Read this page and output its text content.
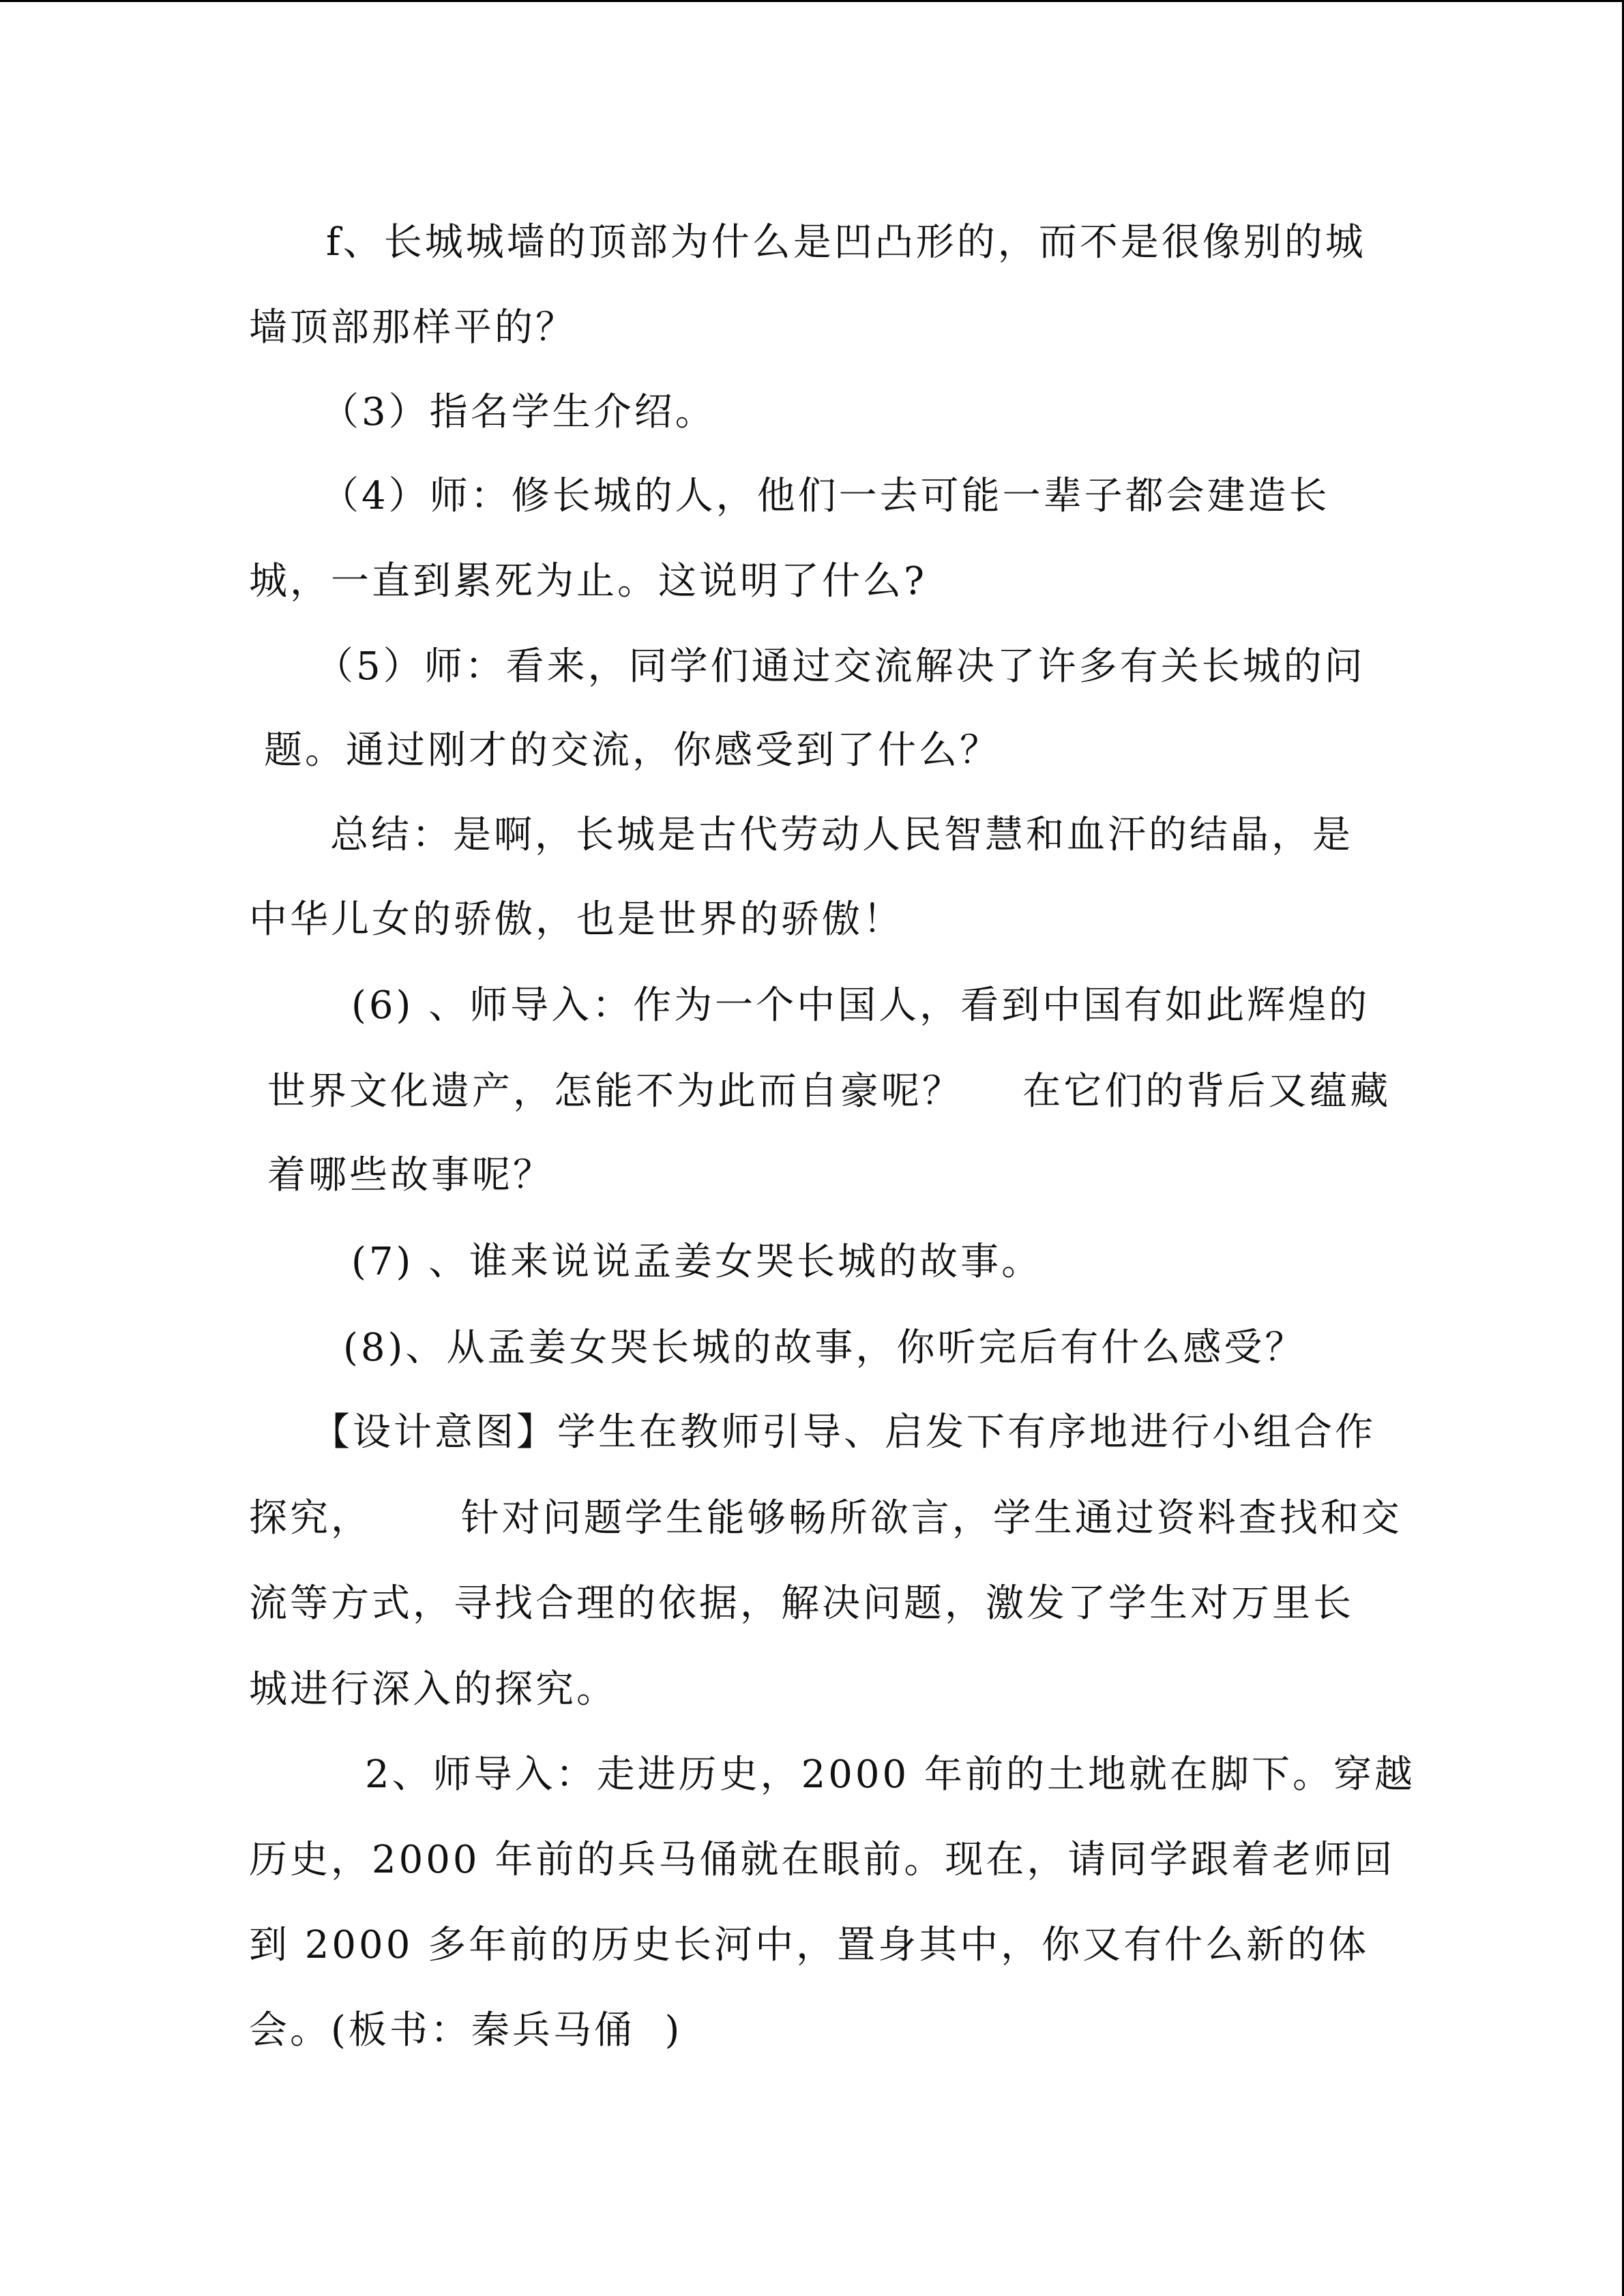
f、长城城墙的顶部为什么是凹凸形的，而不是很像别的城

墙顶部那样平的？

（3）指名学生介绍。

（4）师：修长城的人，他们一去可能一辈子都会建造长

城，一直到累死为止。这说明了什么?

（5）师：看来，同学们通过交流解决了许多有关长城的问

题。通过刚才的交流，你感受到了什么？

总结：是啊，长城是古代劳动人民智慧和血汗的结晶，是

中华儿女的骄傲，也是世界的骄傲！

(6) 、师导入：作为一个中国人，看到中国有如此辉煌的

世界文化遗产，怎能不为此而自豪呢？    在它们的背后又蕴藏

着哪些故事呢？

(7) 、谁来说说孟姜女哭长城的故事。

(8)、从孟姜女哭长城的故事，你听完后有什么感受？

【设计意图】学生在教师引导、启发下有序地进行小组合作

探究，      针对问题学生能够畅所欲言，学生通过资料查找和交

流等方式，寻找合理的依据，解决问题，激发了学生对万里长

城进行深入的探究。

2、师导入：走进历史，2000 年前的土地就在脚下。穿越

历史，2000 年前的兵马俑就在眼前。现在，请同学跟着老师回

到 2000 多年前的历史长河中，置身其中，你又有什么新的体

会。(板书：秦兵马俑  )
